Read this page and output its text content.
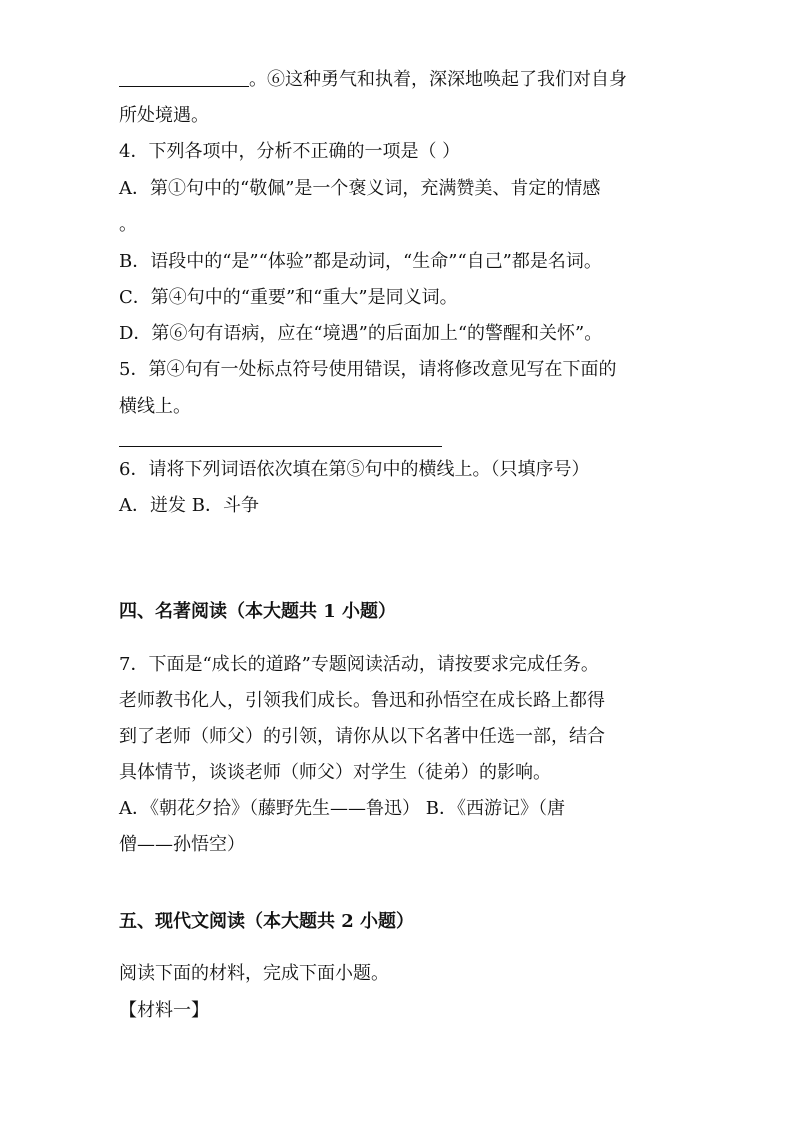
。⑥这种勇气和执着，深深地唤起了我们对自身
所处境遇。
4．下列各项中，分析不正确的一项是（ ）
A．第①句中的“敬佩”是一个褒义词，充满赞美、肯定的情感
。
B．语段中的“是”“体验”都是动词，“生命”“自己”都是名词。
C．第④句中的“重要”和“重大”是同义词。
D．第⑥句有语病，应在“境遇”的后面加上“的警醒和关怀”。
5．第④句有一处标点符号使用错误，请将修改意见写在下面的
横线上。
6．请将下列词语依次填在第⑤句中的横线上。（只填序号）
A．迸发 B．斗争
四、名著阅读（本大题共 1 小题）
7．下面是“成长的道路”专题阅读活动，请按要求完成任务。
老师教书化人，引领我们成长。鲁迅和孙悟空在成长路上都得
到了老师（师父）的引领，请你从以下名著中任选一部，结合
具体情节，谈谈老师（师父）对学生（徒弟）的影响。
A．《朝花夕拾》（藤野先生——鲁迅） B．《西游记》（唐
僧——孙悟空）
五、现代文阅读（本大题共 2 小题）
阅读下面的材料，完成下面小题。
【材料一】
